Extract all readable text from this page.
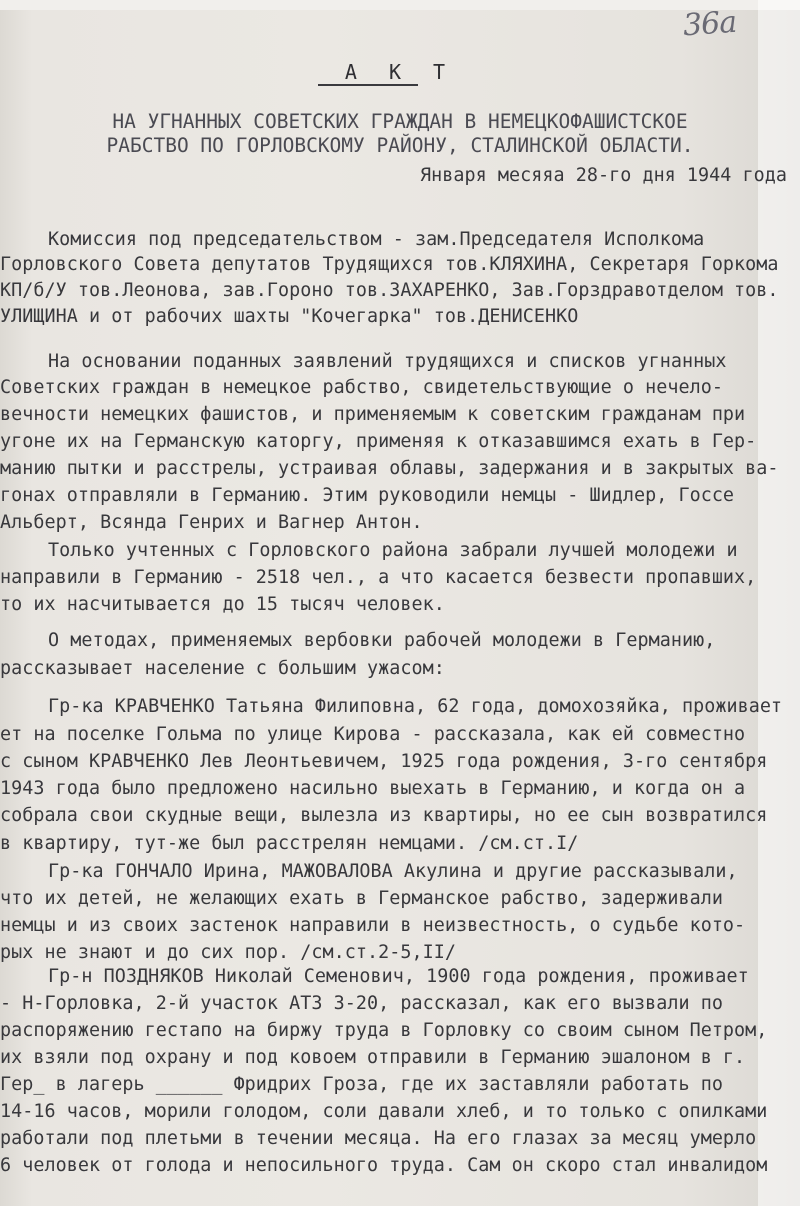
36a
А К Т
НА УГНАННЫХ СОВЕТСКИХ ГРАЖДАН В НЕМЕЦКОФАШИСТСКОЕ
РАБСТВО ПО ГОРЛОВСКОМУ РАЙОНУ, СТАЛИНСКОЙ ОБЛАСТИ.
Января месяяа 28-го дня 1944 года
Комиссия под председательством - зам.Председателя Исполкома
Горловского Совета депутатов Трудящихся тов.КЛЯХИНА, Секретаря Горкома
КП/б/У тов.Леонова, зав.Гороно тов.ЗАХАРЕНКО, Зав.Горздравотделом тов.
УЛИЩИНА и от рабочих шахты "Кочегарка" тов.ДЕНИСЕНКО
На основании поданных заявлений трудящихся и списков угнанных
Советских граждан в немецкое рабство, свидетельствующие о нечело-
вечности немецких фашистов, и применяемым к советским гражданам при
угоне их на Германскую каторгу, применяя к отказавшимся ехать в Гер-
манию пытки и расстрелы, устраивая облавы, задержания и в закрытых ва-
гонах отправляли в Германию. Этим руководили немцы - Шидлер, Госсе
Альберт, Всянда Генрих и Вагнер Антон.
Только учтенных с Горловского района забрали лучшей молодежи и
направили в Германию - 2518 чел., а что касается безвести пропавших,
то их насчитывается до 15 тысяч человек.
О методах, применяемых вербовки рабочей молодежи в Германию,
рассказывает население с большим ужасом:
Гр-ка КРАВЧЕНКО Татьяна Филиповна, 62 года, домохозяйка, проживает
ет на поселке Гольма по улице Кирова - рассказала, как ей совместно
с сыном КРАВЧЕНКО Лев Леонтьевичем, 1925 года рождения, 3-го сентября
1943 года было предложено насильно выехать в Германию, и когда он а
собрала свои скудные вещи, вылезла из квартиры, но ее сын возвратился
в квартиру, тут-же был расстрелян немцами. /см.ст.I/
Гр-ка ГОНЧАЛО Ирина, МАЖОВАЛОВА Акулина и другие рассказывали,
что их детей, не желающих ехать в Германское рабство, задерживали
немцы и из своих застенок направили в неизвестность, о судьбе кото-
рых не знают и до сих пор. /см.ст.2-5,II/
Гр-н ПОЗДНЯКОВ Николай Семенович, 1900 года рождения, проживает
- Н-Горловка, 2-й участок АТЗ 3-20, рассказал, как его вызвали по
распоряжению гестапо на биржу труда в Горловку со своим сыном Петром,
их взяли под охрану и под ковоем отправили в Германию эшалоном в г.
Гер_ в лагерь ______ Фридрих Гроза, где их заставляли работать по
14-16 часов, морили голодом, соли давали хлеб, и то только с опилками
работали под плетьми в течении месяцa. На его глазах за месяц умерло
6 человек от голода и непосильного труда. Сам он скоро стал инвалидом
